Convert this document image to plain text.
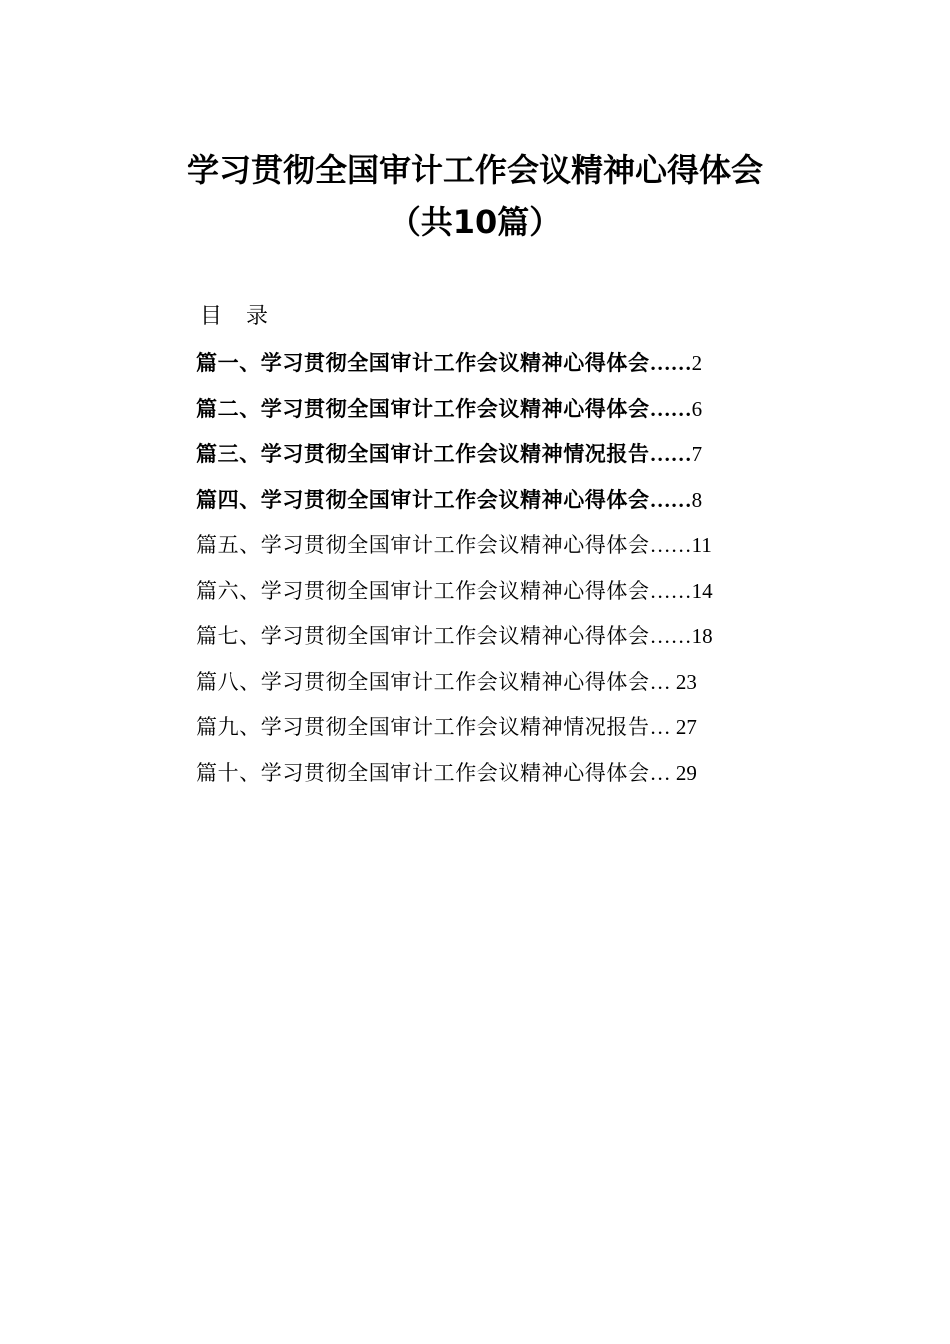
学习贯彻全国审计工作会议精神心得体会
（共10篇）
目录
篇一、学习贯彻全国审计工作会议精神心得体会……2
篇二、学习贯彻全国审计工作会议精神心得体会……6
篇三、学习贯彻全国审计工作会议精神情况报告……7
篇四、学习贯彻全国审计工作会议精神心得体会……8
篇五、学习贯彻全国审计工作会议精神心得体会……11
篇六、学习贯彻全国审计工作会议精神心得体会……14
篇七、学习贯彻全国审计工作会议精神心得体会……18
篇八、学习贯彻全国审计工作会议精神心得体会… 23
篇九、学习贯彻全国审计工作会议精神情况报告… 27
篇十、学习贯彻全国审计工作会议精神心得体会… 29
